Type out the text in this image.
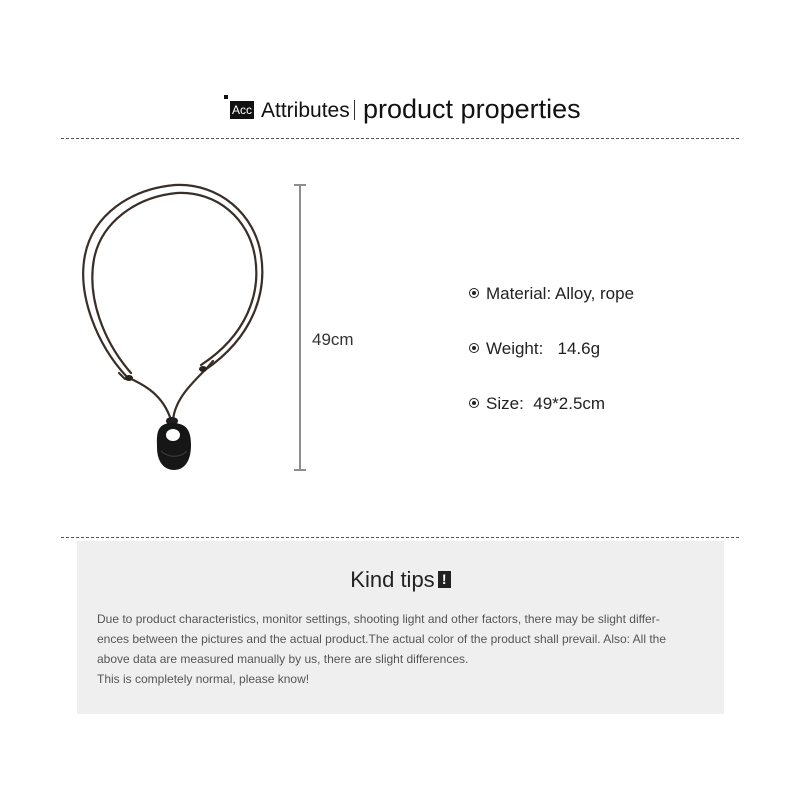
Acc Attributes product properties
49cm
Material: Alloy, rope
Weight: 14.6g
Size: 49*2.5cm
Kind tips !

Due to product characteristics, monitor settings, shooting light and other factors, there may be slight differ-

ences between the pictures and the actual product.The actual color of the product shall prevail. Also: All the

above data are measured manually by us, there are slight differences.

This is completely normal, please know!
